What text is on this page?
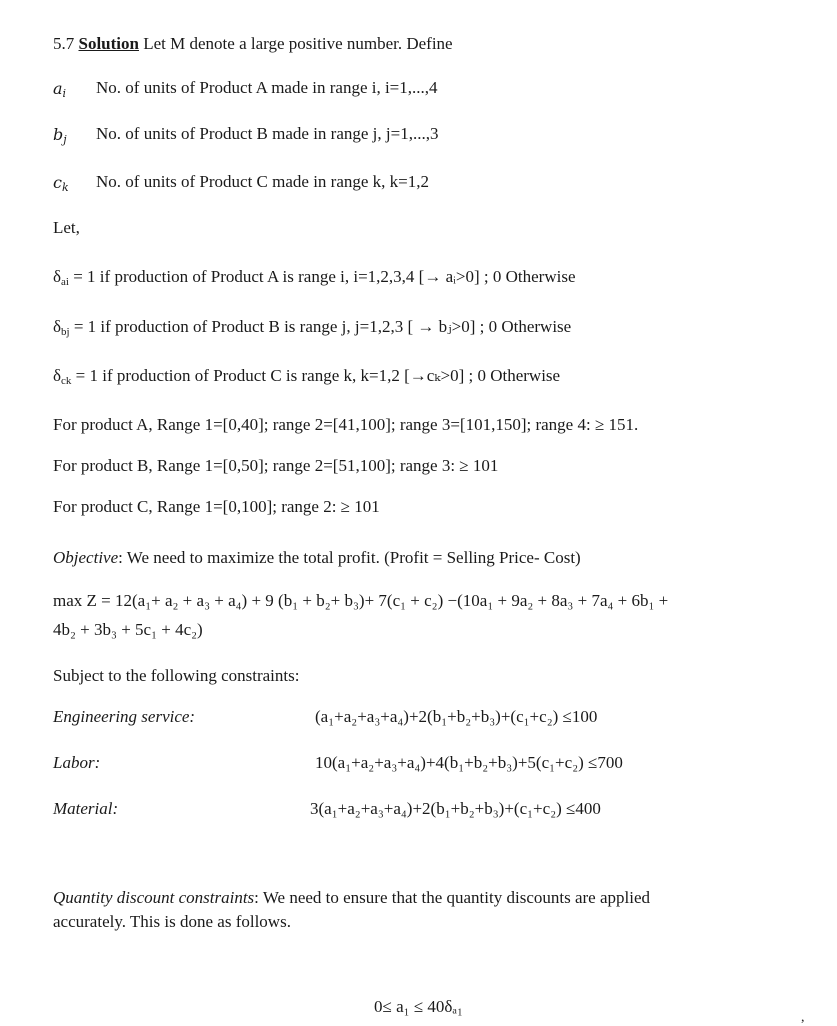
5.7 Solution Let M denote a large positive number. Define
$a_i$ No. of units of Product A made in range i, i=1,...,4
$b_j$ No. of units of Product B made in range j, j=1,...,3
$c_k$ No. of units of Product C made in range k, k=1,2
Let,
$\delta_{ai} = 1$ if production of Product A is range i, i=1,2,3,4 [→ aᵢ>0] ; 0 Otherwise
$\delta_{bj} = 1$ if production of Product B is range j, j=1,2,3 [ → bⱼ>0] ; 0 Otherwise
$\delta_{ck} = 1$ if production of Product C is range k, k=1,2 [→cₖ>0] ; 0 Otherwise
For product A, Range 1=[0,40]; range 2=[41,100]; range 3=[101,150]; range 4: ≥ 151.
For product B, Range 1=[0,50]; range 2=[51,100]; range 3: ≥ 101
For product C, Range 1=[0,100]; range 2: ≥ 101
Objective: We need to maximize the total profit. (Profit = Selling Price- Cost)
max Z = 12(a₁+ a₂ + a₃ + a₄) + 9 (b₁ + b₂+ b₃)+ 7(c₁ + c₂) −(10a₁ + 9a₂ + 8a₃ + 7a₄ + 6b₁ +
4b₂ + 3b₃ + 5c₁ + 4c₂)
Subject to the following constraints:
Engineering service:	(a₁+a₂+a₃+a₄)+2(b₁+b₂+b₃)+(c₁+c₂) ≤100
Labor:	10(a₁+a₂+a₃+a₄)+4(b₁+b₂+b₃)+5(c₁+c₂) ≤700
Material:	3(a₁+a₂+a₃+a₄)+2(b₁+b₂+b₃)+(c₁+c₂) ≤400
Quantity discount constraints: We need to ensure that the quantity discounts are applied
accurately. This is done as follows.
0≤ a₁ ≤ 40δₐ₁
,
